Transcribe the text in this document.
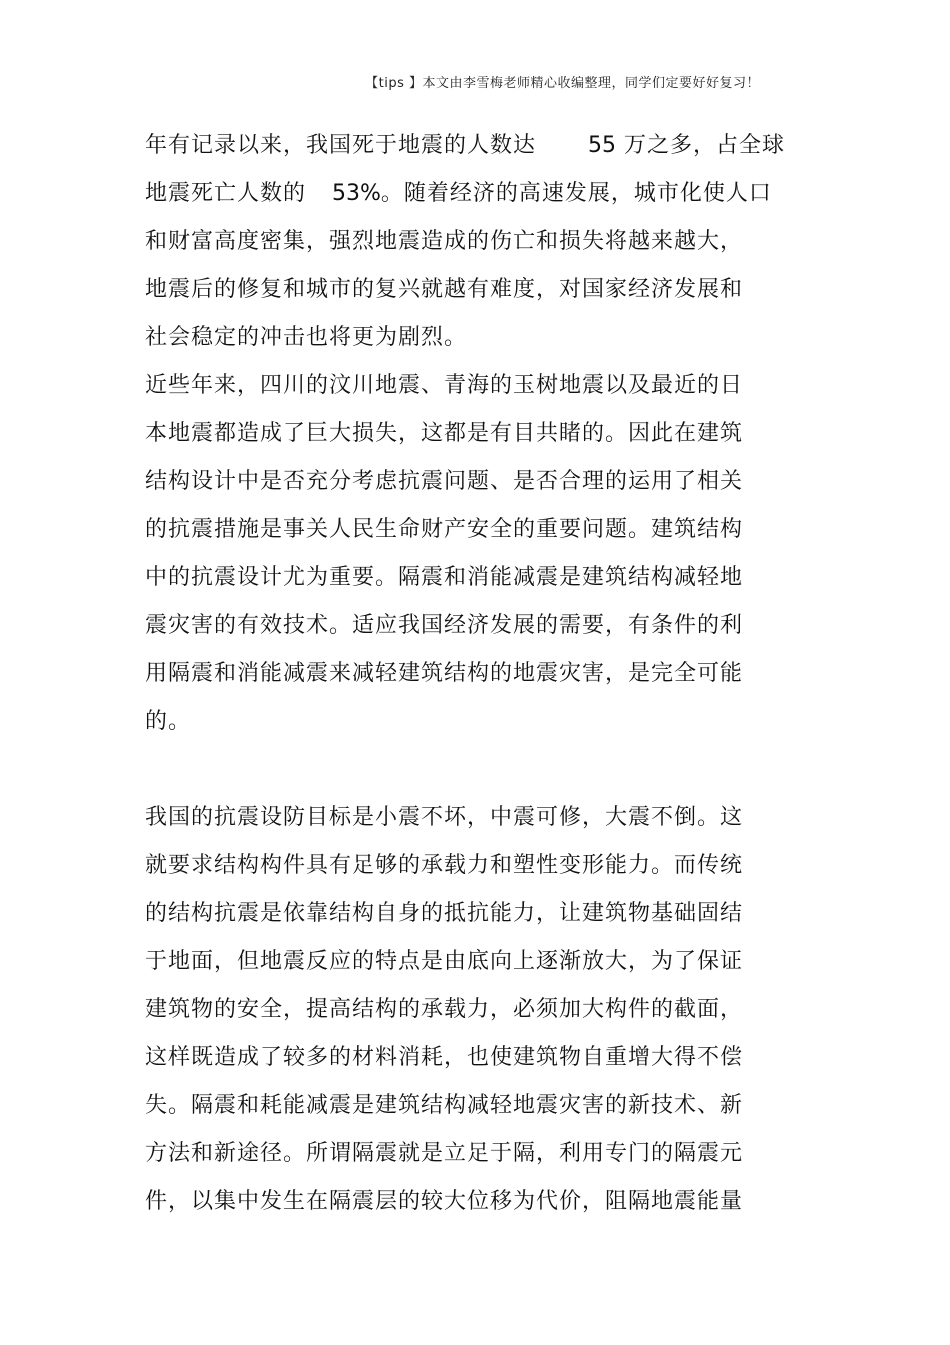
【tips 】本文由李雪梅老师精心收编整理，同学们定要好好复习！
年有记录以来，我国死于地震的人数达 55 万之多，占全球
地震死亡人数的 53%。随着经济的高速发展，城市化使人口
和财富高度密集，强烈地震造成的伤亡和损失将越来越大，
地震后的修复和城市的复兴就越有难度，对国家经济发展和
社会稳定的冲击也将更为剧烈。
近些年来，四川的汶川地震、青海的玉树地震以及最近的日
本地震都造成了巨大损失，这都是有目共睹的。因此在建筑
结构设计中是否充分考虑抗震问题、是否合理的运用了相关
的抗震措施是事关人民生命财产安全的重要问题。建筑结构
中的抗震设计尤为重要。隔震和消能减震是建筑结构减轻地
震灾害的有效技术。适应我国经济发展的需要，有条件的利
用隔震和消能减震来减轻建筑结构的地震灾害，是完全可能
的。
我国的抗震设防目标是小震不坏，中震可修，大震不倒。这
就要求结构构件具有足够的承载力和塑性变形能力。而传统
的结构抗震是依靠结构自身的抵抗能力，让建筑物基础固结
于地面，但地震反应的特点是由底向上逐渐放大，为了保证
建筑物的安全，提高结构的承载力，必须加大构件的截面，
这样既造成了较多的材料消耗，也使建筑物自重增大得不偿
失。隔震和耗能减震是建筑结构减轻地震灾害的新技术、新
方法和新途径。所谓隔震就是立足于隔，利用专门的隔震元
件，以集中发生在隔震层的较大位移为代价，阻隔地震能量
